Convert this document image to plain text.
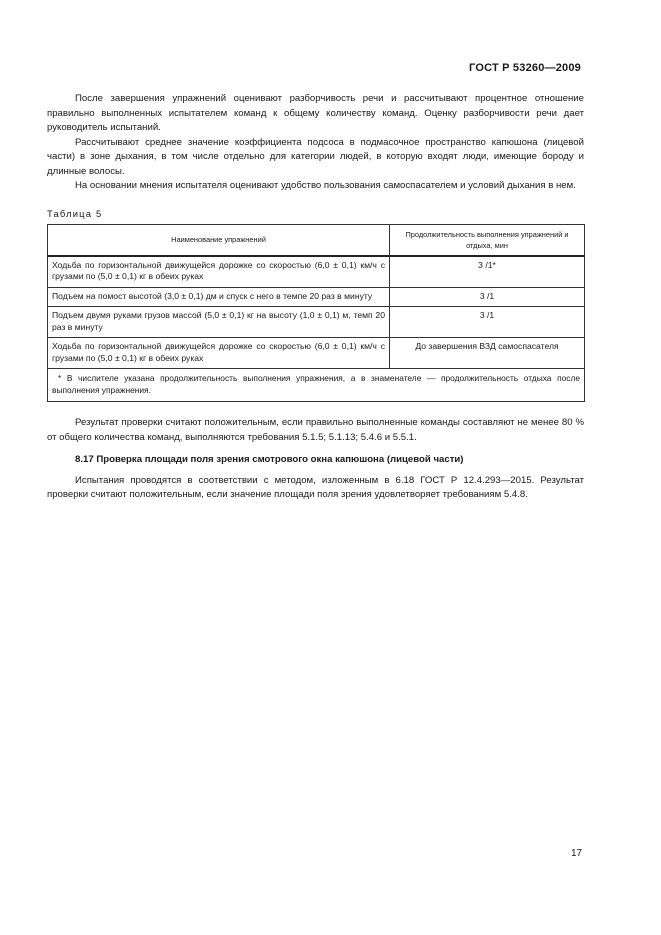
ГОСТ Р 53260—2009

После завершения упражнений оценивают разборчивость речи и рассчитывают процентное отношение правильно выполненных испытателем команд к общему количеству команд. Оценку разборчивости речи дает руководитель испытаний.

Рассчитывают среднее значение коэффициента подсоса в подмасочное пространство капюшона (лицевой части) в зоне дыхания, в том числе отдельно для категории людей, в которую входят люди, имеющие бороду и длинные волосы.

На основании мнения испытателя оценивают удобство пользования самоспасателем и условий дыхания в нем.

Таблица 5
Наименование упражнений	Продолжительность выполнения упражнений и отдыха, мин
Ходьба по горизонтальной движущейся дорожке со скоростью (6,0 ± 0,1) км/ч с грузами по (5,0 ± 0,1) кг в обеих руках	3 /1*
Подъем на помост высотой (3,0 ± 0,1) дм и спуск с него в темпе 20 раз в минуту	3 /1
Подъем двумя руками грузов массой (5,0 ± 0,1) кг на высоту (1,0 ± 0,1) м, темп 20 раз в минуту	3 /1
Ходьба по горизонтальной движущейся дорожке со скоростью (6,0 ± 0,1) км/ч с грузами по (5,0 ± 0,1) кг в обеих руках	До завершения ВЗД самоспасателя
* В числителе указана продолжительность выполнения упражнения, а в знаменателе — продолжительность отдыха после выполнения упражнения.	

Результат проверки считают положительным, если правильно выполненные команды составляют не менее 80 % от общего количества команд, выполняются требования 5.1.5; 5.1.13; 5.4.6 и 5.5.1.

8.17 Проверка площади поля зрения смотрового окна капюшона (лицевой части)

Испытания проводятся в соответствии с методом, изложенным в 6.18 ГОСТ Р 12.4.293—2015. Результат проверки считают положительным, если значение площади поля зрения удовлетворяет требованиям 5.4.8.

17
